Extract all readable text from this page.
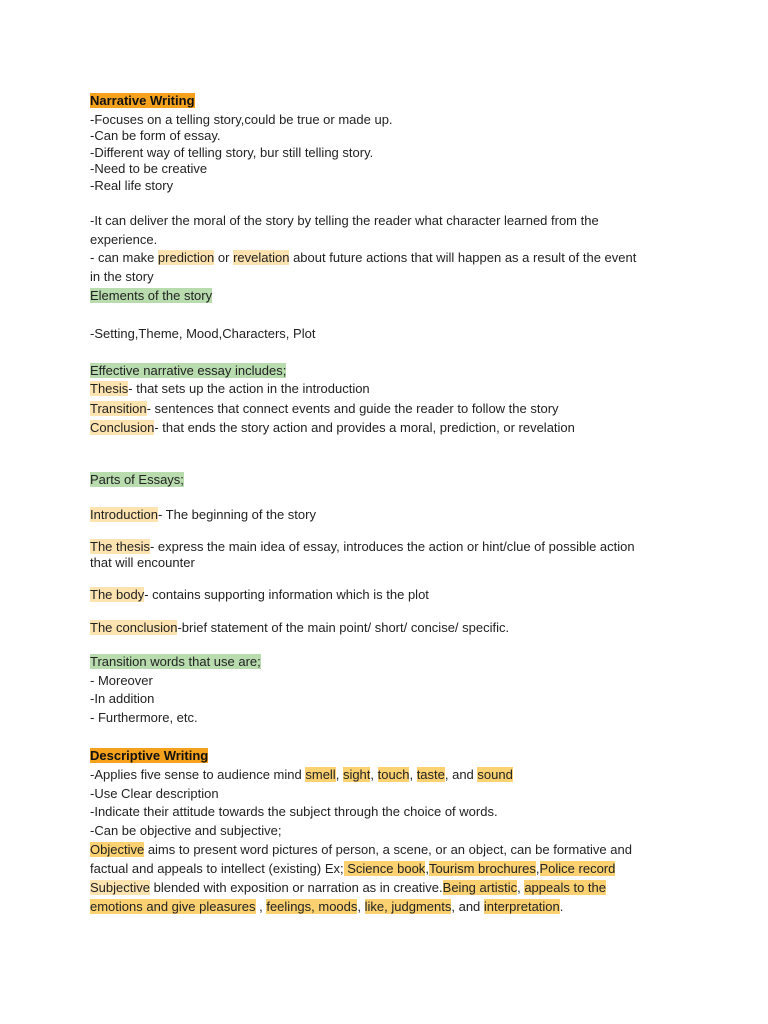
Narrative Writing
-Focuses on a telling story,could be true or made up.
-Can be form of essay.
-Different way of telling story, bur still telling story.
-Need to be creative
-Real life story
-It can deliver the moral of the story by telling the reader what character learned from the
experience.
- can make prediction or revelation about future actions that will happen as a result of the event
in the story
Elements of the story
-Setting,Theme, Mood,Characters, Plot
Effective narrative essay includes;
Thesis- that sets up the action in the introduction
Transition- sentences that connect events and guide the reader to follow the story
Conclusion- that ends the story action and provides a moral, prediction, or revelation
Parts of Essays;
Introduction- The beginning of the story
The thesis- express the main idea of essay, introduces the action or hint/clue of possible action
that will encounter
The body- contains supporting information which is the plot
The conclusion-brief statement of the main point/ short/ concise/ specific.
Transition words that use are;
- Moreover
-In addition
- Furthermore, etc.
Descriptive Writing
-Applies five sense to audience mind smell, sight, touch, taste, and sound
-Use Clear description
-Indicate their attitude towards the subject through the choice of words.
-Can be objective and subjective;
Objective aims to present word pictures of person, a scene, or an object, can be formative and
factual and appeals to intellect (existing) Ex; Science book,Tourism brochures,Police record
Subjective blended with exposition or narration as in creative.Being artistic, appeals to the
emotions and give pleasures , feelings, moods, like, judgments, and interpretation.
